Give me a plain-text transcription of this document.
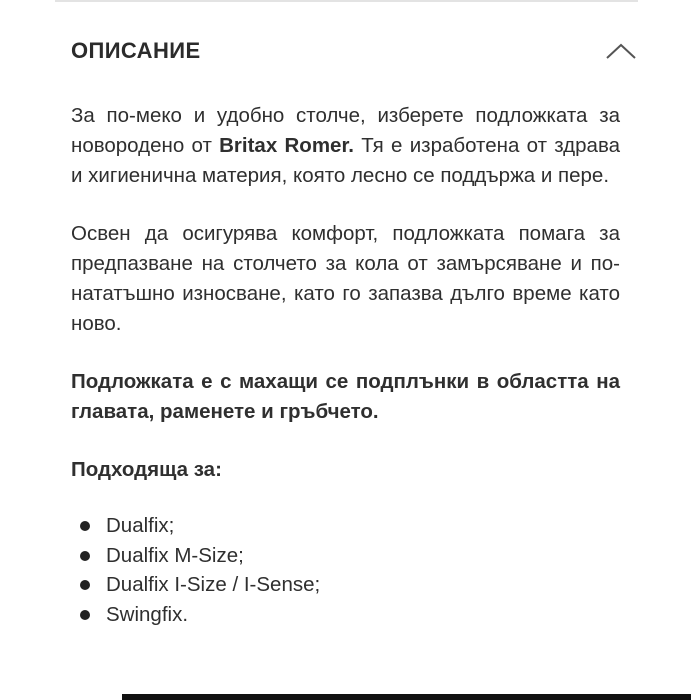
ОПИСАНИЕ

За по-меко и удобно столче, изберете подложката за новородено от Britax Romer. Тя е изработена от здрава и хигиенична материя, която лесно се поддържа и пере.

Освен да осигурява комфорт, подложката помага за предпазване на столчето за кола от замърсяване и по-нататъшно износване, като го запазва дълго време като ново.

Подложката е с махащи се подплънки в областта на главата, раменете и гръбчето.

Подходяща за:

Dualfix;
Dualfix M-Size;
Dualfix I-Size / I-Sense;
Swingfix.
